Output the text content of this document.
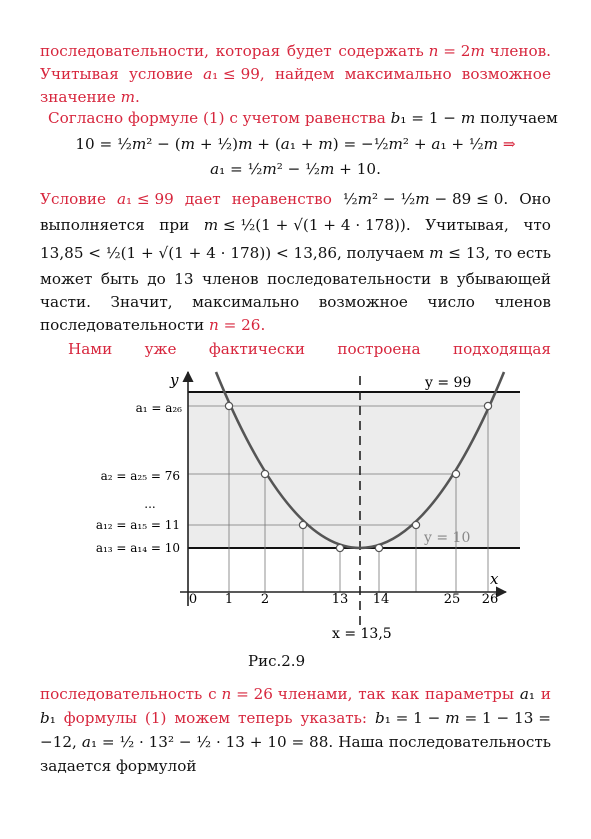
последовательности, которая будет содержать n = 2m членов.
Учитывая условие a₁ ≤ 99, найдем максимально возможное
значение m.
Согласно формуле (1) с учетом равенства b₁ = 1 − m получаем
10 = ½m² − (m + ½)m + (a₁ + m) = −½m² + a₁ + ½m ⇒
a₁ = ½m² − ½m + 10.
Условие a₁ ≤ 99 дает неравенство ½m² − ½m − 89 ≤ 0. Оно
выполняется при m ≤ ½(1 + √(1 + 4 · 178)). Учитывая, что
13,85 < ½(1 + √(1 + 4 · 178)) < 13,86, получаем m ≤ 13, то есть
может быть до 13 членов последовательности в убывающей
части. Значит, максимально возможное число членов
последовательности n = 26.
Нами уже фактически построена подходящая
y
x
y = 99
y = 10
x = 13,5
a₁ = a₂₆
a₂ = a₂₅ = 76
...
a₁₂ = a₁₅ = 11
a₁₃ = a₁₄ = 10
0 1 2	13 14	25 26
Рис.2.9
последовательность с n = 26 членами, так как параметры a₁ и
b₁ формулы (1) можем теперь указать: b₁ = 1 − m = 1 − 13 =
−12, a₁ = ½ · 13² − ½ · 13 + 10 = 88. Наша последовательность
задается формулой
